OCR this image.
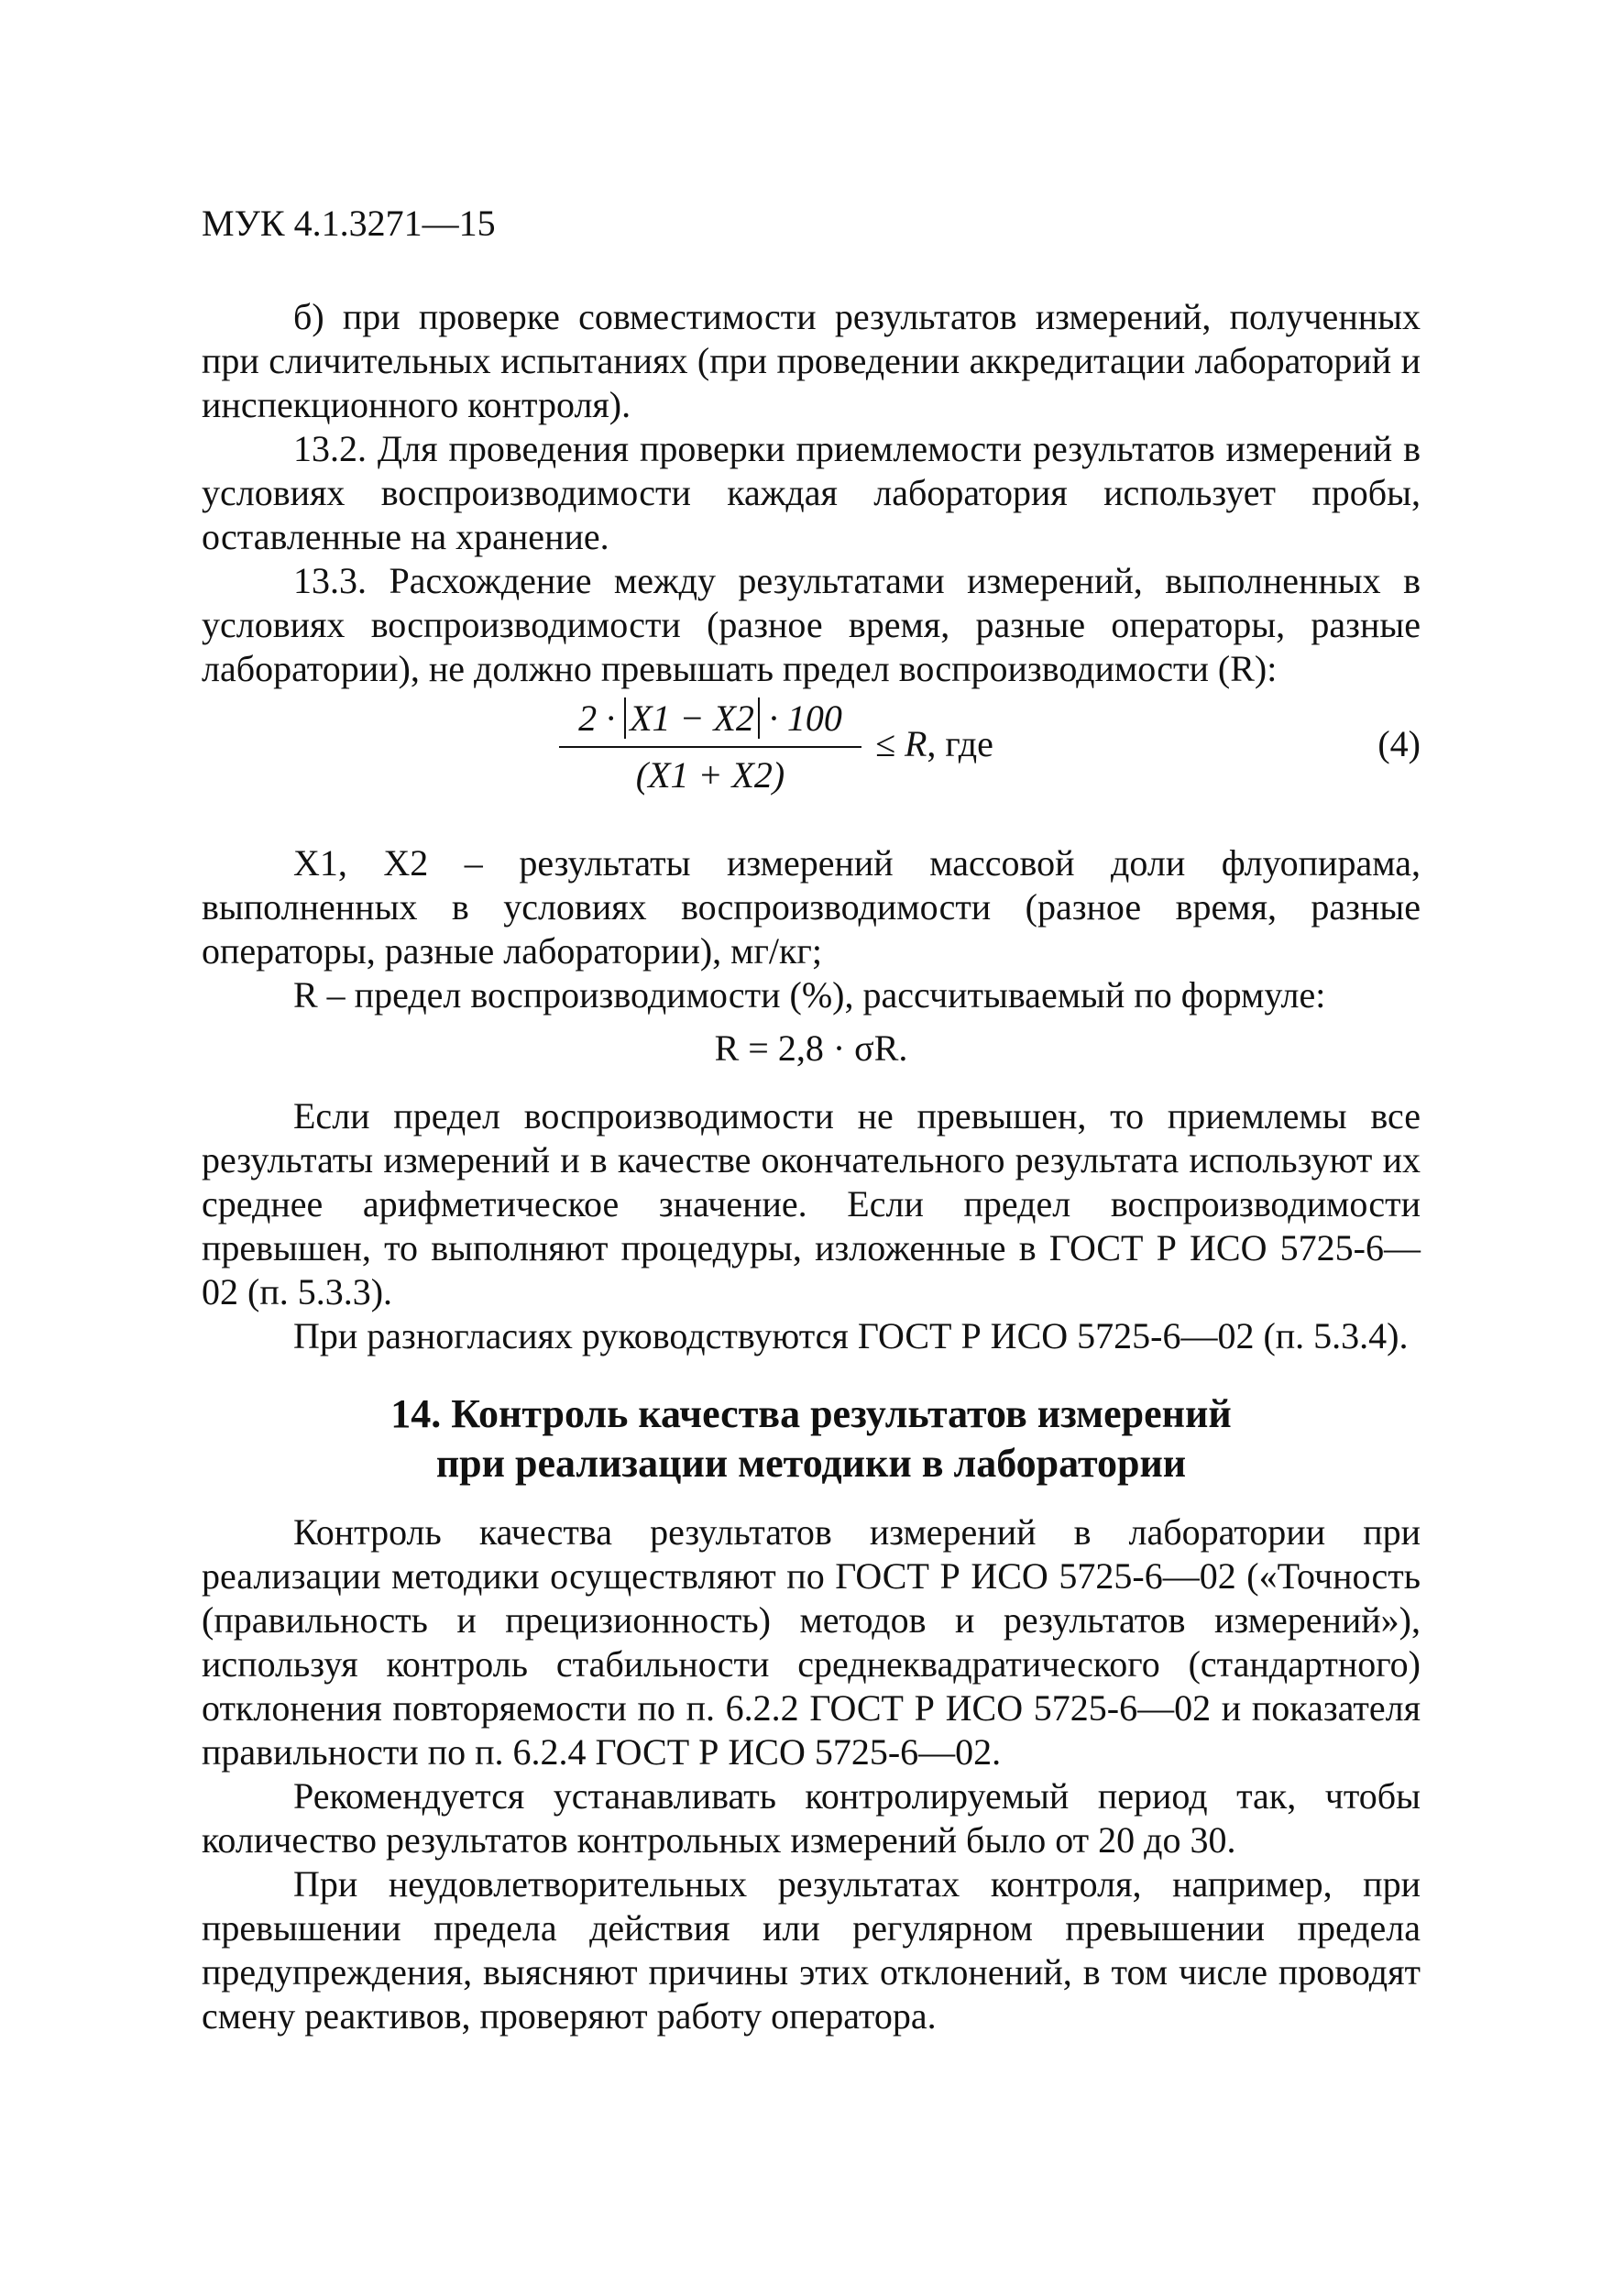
МУК 4.1.3271—15

б) при проверке совместимости результатов измерений, полученных при сличительных испытаниях (при проведении аккредитации лабораторий и инспекционного контроля).

13.2. Для проведения проверки приемлемости результатов измерений в условиях воспроизводимости каждая лаборатория использует пробы, оставленные на хранение.

13.3. Расхождение между результатами измерений, выполненных в условиях воспроизводимости (разное время, разные операторы, разные лаборатории), не должно превышать предел воспроизводимости (R):

2 · X1 − X2 · 100
(X1 + X2)
≤ R, где	(4)

X1, X2 – результаты измерений массовой доли флуопирама, выполненных в условиях воспроизводимости (разное время, разные операторы, разные лаборатории), мг/кг;

R – предел воспроизводимости (%), рассчитываемый по формуле:

R = 2,8 · σR.

Если предел воспроизводимости не превышен, то приемлемы все результаты измерений и в качестве окончательного результата используют их среднее арифметическое значение. Если предел воспроизводимости превышен, то выполняют процедуры, изложенные в ГОСТ Р ИСО 5725-6—02 (п. 5.3.3).

При разногласиях руководствуются ГОСТ Р ИСО 5725-6—02 (п. 5.3.4).

14. Контроль качества результатов измерений
при реализации методики в лаборатории

Контроль качества результатов измерений в лаборатории при реализации методики осуществляют по ГОСТ Р ИСО 5725-6—02 («Точность (правильность и прецизионность) методов и результатов измерений»), используя контроль стабильности среднеквадратического (стандартного) отклонения повторяемости по п. 6.2.2 ГОСТ Р ИСО 5725-6—02 и показателя правильности по п. 6.2.4 ГОСТ Р ИСО 5725-6—02.

Рекомендуется устанавливать контролируемый период так, чтобы количество результатов контрольных измерений было от 20 до 30.

При неудовлетворительных результатах контроля, например, при превышении предела действия или регулярном превышении предела предупреждения, выясняют причины этих отклонений, в том числе проводят смену реактивов, проверяют работу оператора.
